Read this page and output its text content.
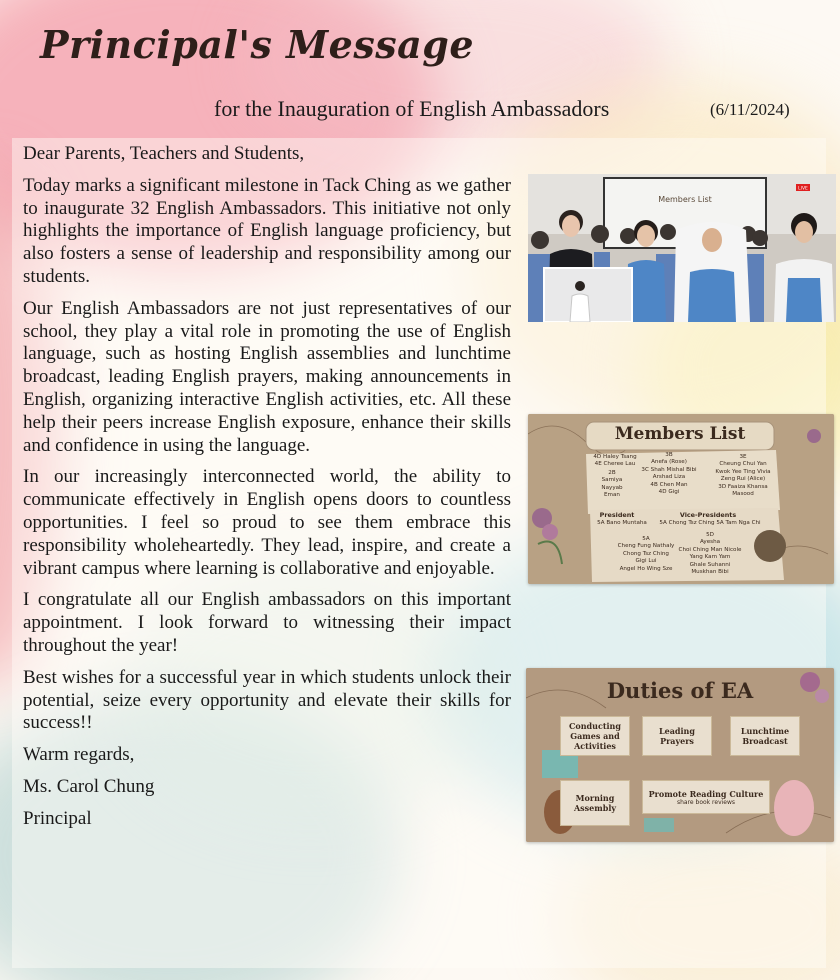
Principal's Message
for the Inauguration of English Ambassadors	(6/11/2024)

Dear Parents, Teachers and Students,

Today marks a significant milestone in Tack Ching as we gather to inaugurate 32 English Ambassadors. This initiative not only highlights the importance of English language proficiency, but also fosters a sense of leadership and responsibility among our students.

Our English Ambassadors are not just representatives of our school, they play a vital role in promoting the use of English language, such as hosting English assemblies and lunchtime broadcast, leading English prayers, making announcements in English, organizing interactive English activities, etc. All these help their peers increase English exposure, enhance their skills and confidence in using the language.

In our increasingly interconnected world, the ability to communicate effectively in English opens doors to countless opportunities. I feel so proud to see them embrace this responsibility wholeheartedly. They lead, inspire, and create a vibrant campus where learning is collaborative and enjoyable.

I congratulate all our English ambassadors on this important appointment. I look forward to witnessing their impact throughout the year!

Best wishes for a successful year in which students unlock their potential, seize every opportunity and elevate their skills for success!!

Warm regards,

Ms. Carol Chung

Principal

Members List
LIVE
Members List
4D Haley Tsang
4E Cheree Lau
2B
Samiya
Nayyab
Eman
3B
Anefa (Rose)
3C Shah Mishal Bibi
Arshad Liza
4B Chen Man
4D Gigi
3E
Cheung Chui Yan
Kwok Yee Ting Vivia
Zeng Rui (Alice)
3D Faaiza Khansa Masood
President
5A Bano Muntaha
Vice-Presidents
5A Chong Tsz Ching 5A Tam Nga Chi
5A
Cheng Fung Nathaly
Chong Tsz Ching
Gigi Lui
Angel Ho Wing Sze
5D
Ayesha
Choi Ching Man Nicole
Yang Kam Yam
Ghale Suhanni
Muskhan Bibi
Duties of EA
Conducting Games and Activities
Leading Prayers
Lunchtime Broadcast
Morning Assembly
Promote Reading Culture
share book reviews
